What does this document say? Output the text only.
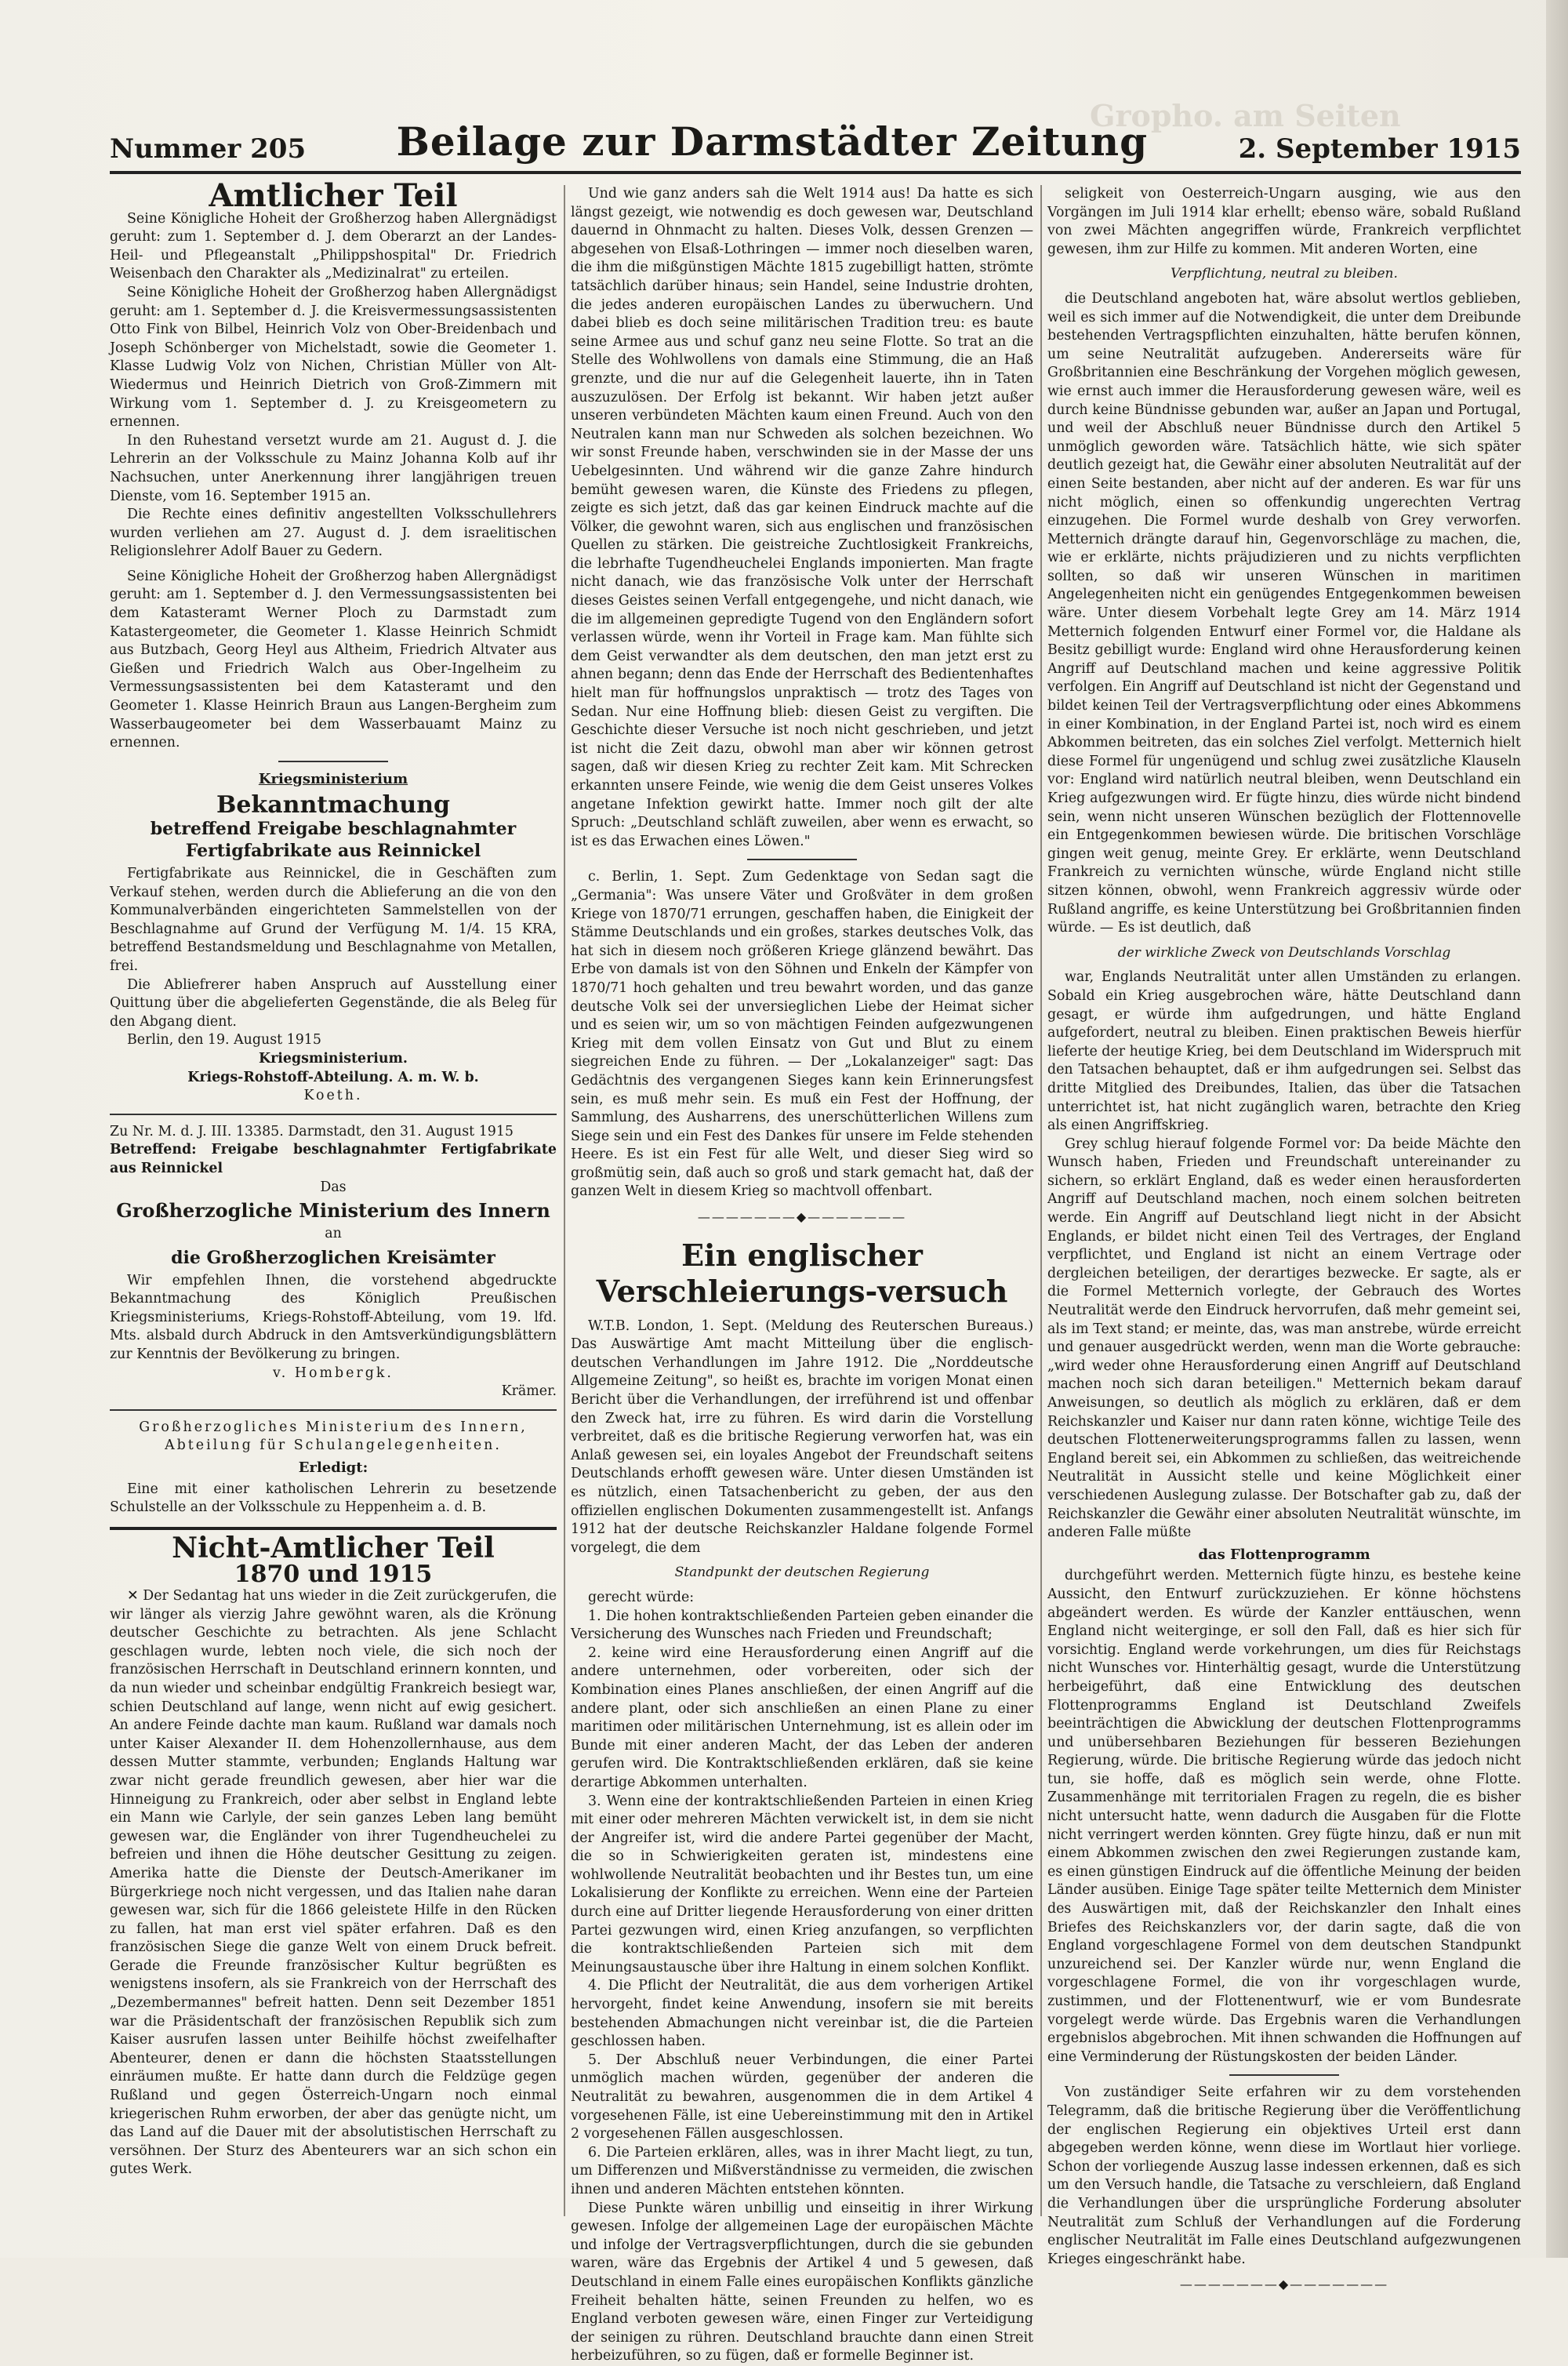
Gropho. am Seiten
Nummer 205 Beilage zur Darmstädter Zeitung	2. September 1915
Amtlicher Teil

Seine Königliche Hoheit der Großherzog haben Allergnädigst geruht: zum 1. September d. J. dem Oberarzt an der Landes-Heil- und Pflegeanstalt „Philippshospital" Dr. Friedrich Weisenbach den Charakter als „Medizinalrat" zu erteilen.

Seine Königliche Hoheit der Großherzog haben Allergnädigst geruht: am 1. September d. J. die Kreisvermessungsassistenten Otto Fink von Bilbel, Heinrich Volz von Ober-Breidenbach und Joseph Schönberger von Michelstadt, sowie die Geometer 1. Klasse Ludwig Volz von Nichen, Christian Müller von Alt-Wiedermus und Heinrich Dietrich von Groß-Zimmern mit Wirkung vom 1. September d. J. zu Kreisgeometern zu ernennen.

In den Ruhestand versetzt wurde am 21. August d. J. die Lehrerin an der Volksschule zu Mainz Johanna Kolb auf ihr Nachsuchen, unter Anerkennung ihrer langjährigen treuen Dienste, vom 16. September 1915 an.

Die Rechte eines definitiv angestellten Volksschullehrers wurden verliehen am 27. August d. J. dem israelitischen Religionslehrer Adolf Bauer zu Gedern.

Seine Königliche Hoheit der Großherzog haben Allergnädigst geruht: am 1. September d. J. den Vermessungsassistenten bei dem Katasteramt Werner Ploch zu Darmstadt zum Katastergeometer, die Geometer 1. Klasse Heinrich Schmidt aus Butzbach, Georg Heyl aus Altheim, Friedrich Altvater aus Gießen und Friedrich Walch aus Ober-Ingelheim zu Vermessungsassistenten bei dem Katasteramt und den Geometer 1. Klasse Heinrich Braun aus Langen-Bergheim zum Wasserbaugeometer bei dem Wasserbauamt Mainz zu ernennen.

Kriegsministerium
Bekanntmachung
betreffend Freigabe beschlagnahmter Fertigfabrikate aus Reinnickel

Fertigfabrikate aus Reinnickel, die in Geschäften zum Verkauf stehen, werden durch die Ablieferung an die von den Kommunalverbänden eingerichteten Sammelstellen von der Beschlagnahme auf Grund der Verfügung M. 1/4. 15 KRA, betreffend Bestandsmeldung und Beschlagnahme von Metallen, frei.

Die Abliefrerer haben Anspruch auf Ausstellung einer Quittung über die abgelieferten Gegenstände, die als Beleg für den Abgang dient.

Berlin, den 19. August 1915

Kriegsministerium.
Kriegs-Rohstoff-Abteilung. A. m. W. b.
Koeth.
Zu Nr. M. d. J. III. 13385. Darmstadt, den 31. August 1915
Betreffend: Freigabe beschlagnahmter Fertigfabrikate aus Reinnickel
Das
Großherzogliche Ministerium des Innern
an
die Großherzoglichen Kreisämter

Wir empfehlen Ihnen, die vorstehend abgedruckte Bekanntmachung des Königlich Preußischen Kriegsministeriums, Kriegs-Rohstoff-Abteilung, vom 19. lfd. Mts. alsbald durch Abdruck in den Amtsverkündigungsblättern zur Kenntnis der Bevölkerung zu bringen.

v. Hombergk.
Krämer.
Großherzogliches Ministerium des Innern, Abteilung für Schulangelegenheiten.
Erledigt:

Eine mit einer katholischen Lehrerin zu besetzende Schulstelle an der Volksschule zu Heppenheim a. d. B.

Nicht-Amtlicher Teil
1870 und 1915

✕ Der Sedantag hat uns wieder in die Zeit zurückgerufen, die wir länger als vierzig Jahre gewöhnt waren, als die Krönung deutscher Geschichte zu betrachten. Als jene Schlacht geschlagen wurde, lebten noch viele, die sich noch der französischen Herrschaft in Deutschland erinnern konnten, und da nun wieder und scheinbar endgültig Frankreich besiegt war, schien Deutschland auf lange, wenn nicht auf ewig gesichert. An andere Feinde dachte man kaum. Rußland war damals noch unter Kaiser Alexander II. dem Hohenzollernhause, aus dem dessen Mutter stammte, verbunden; Englands Haltung war zwar nicht gerade freundlich gewesen, aber hier war die Hinneigung zu Frankreich, oder aber selbst in England lebte ein Mann wie Carlyle, der sein ganzes Leben lang bemüht gewesen war, die Engländer von ihrer Tugendheuchelei zu befreien und ihnen die Höhe deutscher Gesittung zu zeigen. Amerika hatte die Dienste der Deutsch-Amerikaner im Bürgerkriege noch nicht vergessen, und das Italien nahe daran gewesen war, sich für die 1866 geleistete Hilfe in den Rücken zu fallen, hat man erst viel später erfahren. Daß es den französischen Siege die ganze Welt von einem Druck befreit. Gerade die Freunde französischer Kultur begrüßten es wenigstens insofern, als sie Frankreich von der Herrschaft des „Dezembermannes" befreit hatten. Denn seit Dezember 1851 war die Präsidentschaft der französischen Republik sich zum Kaiser ausrufen lassen unter Beihilfe höchst zweifelhafter Abenteurer, denen er dann die höchsten Staatsstellungen einräumen mußte. Er hatte dann durch die Feldzüge gegen Rußland und gegen Österreich-Ungarn noch einmal kriegerischen Ruhm erworben, der aber das genügte nicht, um das Land auf die Dauer mit der absolutistischen Herrschaft zu versöhnen. Der Sturz des Abenteurers war an sich schon ein gutes Werk.

Und wie ganz anders sah die Welt 1914 aus! Da hatte es sich längst gezeigt, wie notwendig es doch gewesen war, Deutschland dauernd in Ohnmacht zu halten. Dieses Volk, dessen Grenzen — abgesehen von Elsaß-Lothringen — immer noch dieselben waren, die ihm die mißgünstigen Mächte 1815 zugebilligt hatten, strömte tatsächlich darüber hinaus; sein Handel, seine Industrie drohten, die jedes anderen europäischen Landes zu überwuchern. Und dabei blieb es doch seine militärischen Tradition treu: es baute seine Armee aus und schuf ganz neu seine Flotte. So trat an die Stelle des Wohlwollens von damals eine Stimmung, die an Haß grenzte, und die nur auf die Gelegenheit lauerte, ihn in Taten auszuzulösen. Der Erfolg ist bekannt. Wir haben jetzt außer unseren verbündeten Mächten kaum einen Freund. Auch von den Neutralen kann man nur Schweden als solchen bezeichnen. Wo wir sonst Freunde haben, verschwinden sie in der Masse der uns Uebelgesinnten. Und während wir die ganze Zahre hindurch bemüht gewesen waren, die Künste des Friedens zu pflegen, zeigte es sich jetzt, daß das gar keinen Eindruck machte auf die Völker, die gewohnt waren, sich aus englischen und französischen Quellen zu stärken. Die geistreiche Zuchtlosigkeit Frankreichs, die lebrhafte Tugendheuchelei Englands imponierten. Man fragte nicht danach, wie das französische Volk unter der Herrschaft dieses Geistes seinen Verfall entgegengehe, und nicht danach, wie die im allgemeinen gepredigte Tugend von den Engländern sofort verlassen würde, wenn ihr Vorteil in Frage kam. Man fühlte sich dem Geist verwandter als dem deutschen, den man jetzt erst zu ahnen begann; denn das Ende der Herrschaft des Bedientenhaftes hielt man für hoffnungslos unpraktisch — trotz des Tages von Sedan. Nur eine Hoffnung blieb: diesen Geist zu vergiften. Die Geschichte dieser Versuche ist noch nicht geschrieben, und jetzt ist nicht die Zeit dazu, obwohl man aber wir können getrost sagen, daß wir diesen Krieg zu rechter Zeit kam. Mit Schrecken erkannten unsere Feinde, wie wenig die dem Geist unseres Volkes angetane Infektion gewirkt hatte. Immer noch gilt der alte Spruch: „Deutschland schläft zuweilen, aber wenn es erwacht, so ist es das Erwachen eines Löwen."

c. Berlin, 1. Sept. Zum Gedenktage von Sedan sagt die „Germania": Was unsere Väter und Großväter in dem großen Kriege von 1870/71 errungen, geschaffen haben, die Einigkeit der Stämme Deutschlands und ein großes, starkes deutsches Volk, das hat sich in diesem noch größeren Kriege glänzend bewährt. Das Erbe von damals ist von den Söhnen und Enkeln der Kämpfer von 1870/71 hoch gehalten und treu bewahrt worden, und das ganze deutsche Volk sei der unversieglichen Liebe der Heimat sicher und es seien wir, um so von mächtigen Feinden aufgezwungenen Krieg mit dem vollen Einsatz von Gut und Blut zu einem siegreichen Ende zu führen. — Der „Lokalanzeiger" sagt: Das Gedächtnis des vergangenen Sieges kann kein Erinnerungsfest sein, es muß mehr sein. Es muß ein Fest der Hoffnung, der Sammlung, des Ausharrens, des unerschütterlichen Willens zum Siege sein und ein Fest des Dankes für unsere im Felde stehenden Heere. Es ist ein Fest für alle Welt, und dieser Sieg wird so großmütig sein, daß auch so groß und stark gemacht hat, daß der ganzen Welt in diesem Krieg so machtvoll offenbart.

———————◆———————
Ein englischer Verschleierungs-versuch

W.T.B. London, 1. Sept. (Meldung des Reuterschen Bureaus.) Das Auswärtige Amt macht Mitteilung über die englisch-deutschen Verhandlungen im Jahre 1912. Die „Norddeutsche Allgemeine Zeitung", so heißt es, brachte im vorigen Monat einen Bericht über die Verhandlungen, der irreführend ist und offenbar den Zweck hat, irre zu führen. Es wird darin die Vorstellung verbreitet, daß es die britische Regierung verworfen hat, was ein Anlaß gewesen sei, ein loyales Angebot der Freundschaft seitens Deutschlands erhofft gewesen wäre. Unter diesen Umständen ist es nützlich, einen Tatsachenbericht zu geben, der aus den offiziellen englischen Dokumenten zusammengestellt ist. Anfangs 1912 hat der deutsche Reichskanzler Haldane folgende Formel vorgelegt, die dem

Standpunkt der deutschen Regierung

gerecht würde:

1. Die hohen kontraktschließenden Parteien geben einander die Versicherung des Wunsches nach Frieden und Freundschaft;

2. keine wird eine Herausforderung einen Angriff auf die andere unternehmen, oder vorbereiten, oder sich der Kombination eines Planes anschließen, der einen Angriff auf die andere plant, oder sich anschließen an einen Plane zu einer maritimen oder militärischen Unternehmung, ist es allein oder im Bunde mit einer anderen Macht, der das Leben der anderen gerufen wird. Die Kontraktschließenden erklären, daß sie keine derartige Abkommen unterhalten.

3. Wenn eine der kontraktschließenden Parteien in einen Krieg mit einer oder mehreren Mächten verwickelt ist, in dem sie nicht der Angreifer ist, wird die andere Partei gegenüber der Macht, die so in Schwierigkeiten geraten ist, mindestens eine wohlwollende Neutralität beobachten und ihr Bestes tun, um eine Lokalisierung der Konflikte zu erreichen. Wenn eine der Parteien durch eine auf Dritter liegende Herausforderung von einer dritten Partei gezwungen wird, einen Krieg anzufangen, so verpflichten die kontraktschließenden Parteien sich mit dem Meinungsaustausche über ihre Haltung in einem solchen Konflikt.

4. Die Pflicht der Neutralität, die aus dem vorherigen Artikel hervorgeht, findet keine Anwendung, insofern sie mit bereits bestehenden Abmachungen nicht vereinbar ist, die die Parteien geschlossen haben.

5. Der Abschluß neuer Verbindungen, die einer Partei unmöglich machen würden, gegenüber der anderen die Neutralität zu bewahren, ausgenommen die in dem Artikel 4 vorgesehenen Fälle, ist eine Uebereinstimmung mit den in Artikel 2 vorgesehenen Fällen ausgeschlossen.

6. Die Parteien erklären, alles, was in ihrer Macht liegt, zu tun, um Differenzen und Mißverständnisse zu vermeiden, die zwischen ihnen und anderen Mächten entstehen könnten.

Diese Punkte wären unbillig und einseitig in ihrer Wirkung gewesen. Infolge der allgemeinen Lage der europäischen Mächte und infolge der Vertragsverpflichtungen, durch die sie gebunden waren, wäre das Ergebnis der Artikel 4 und 5 gewesen, daß Deutschland in einem Falle eines europäischen Konflikts gänzliche Freiheit behalten hätte, seinen Freunden zu helfen, wo es England verboten gewesen wäre, einen Finger zur Verteidigung der seinigen zu rühren. Deutschland brauchte dann einen Streit herbeizuführen, so zu fügen, daß er formelle Beginner ist.

seligkeit von Oesterreich-Ungarn ausging, wie aus den Vorgängen im Juli 1914 klar erhellt; ebenso wäre, sobald Rußland von zwei Mächten angegriffen würde, Frankreich verpflichtet gewesen, ihm zur Hilfe zu kommen. Mit anderen Worten, eine

Verpflichtung, neutral zu bleiben.

die Deutschland angeboten hat, wäre absolut wertlos geblieben, weil es sich immer auf die Notwendigkeit, die unter dem Dreibunde bestehenden Vertragspflichten einzuhalten, hätte berufen können, um seine Neutralität aufzugeben. Andererseits wäre für Großbritannien eine Beschränkung der Vorgehen möglich gewesen, wie ernst auch immer die Herausforderung gewesen wäre, weil es durch keine Bündnisse gebunden war, außer an Japan und Portugal, und weil der Abschluß neuer Bündnisse durch den Artikel 5 unmöglich geworden wäre. Tatsächlich hätte, wie sich später deutlich gezeigt hat, die Gewähr einer absoluten Neutralität auf der einen Seite bestanden, aber nicht auf der anderen. Es war für uns nicht möglich, einen so offenkundig ungerechten Vertrag einzugehen. Die Formel wurde deshalb von Grey verworfen. Metternich drängte darauf hin, Gegenvorschläge zu machen, die, wie er erklärte, nichts präjudizieren und zu nichts verpflichten sollten, so daß wir unseren Wünschen in maritimen Angelegenheiten nicht ein genügendes Entgegenkommen beweisen wäre. Unter diesem Vorbehalt legte Grey am 14. März 1914 Metternich folgenden Entwurf einer Formel vor, die Haldane als Besitz gebilligt wurde: England wird ohne Herausforderung keinen Angriff auf Deutschland machen und keine aggressive Politik verfolgen. Ein Angriff auf Deutschland ist nicht der Gegenstand und bildet keinen Teil der Vertragsverpflichtung oder eines Abkommens in einer Kombination, in der England Partei ist, noch wird es einem Abkommen beitreten, das ein solches Ziel verfolgt. Metternich hielt diese Formel für ungenügend und schlug zwei zusätzliche Klauseln vor: England wird natürlich neutral bleiben, wenn Deutschland ein Krieg aufgezwungen wird. Er fügte hinzu, dies würde nicht bindend sein, wenn nicht unseren Wünschen bezüglich der Flottennovelle ein Entgegenkommen bewiesen würde. Die britischen Vorschläge gingen weit genug, meinte Grey. Er erklärte, wenn Deutschland Frankreich zu vernichten wünsche, würde England nicht stille sitzen können, obwohl, wenn Frankreich aggressiv würde oder Rußland angriffe, es keine Unterstützung bei Großbritannien finden würde. — Es ist deutlich, daß

der wirkliche Zweck von Deutschlands Vorschlag

war, Englands Neutralität unter allen Umständen zu erlangen. Sobald ein Krieg ausgebrochen wäre, hätte Deutschland dann gesagt, er würde ihm aufgedrungen, und hätte England aufgefordert, neutral zu bleiben. Einen praktischen Beweis hierfür lieferte der heutige Krieg, bei dem Deutschland im Widerspruch mit den Tatsachen behauptet, daß er ihm aufgedrungen sei. Selbst das dritte Mitglied des Dreibundes, Italien, das über die Tatsachen unterrichtet ist, hat nicht zugänglich waren, betrachte den Krieg als einen Angriffskrieg.

Grey schlug hierauf folgende Formel vor: Da beide Mächte den Wunsch haben, Frieden und Freundschaft untereinander zu sichern, so erklärt England, daß es weder einen herausforderten Angriff auf Deutschland machen, noch einem solchen beitreten werde. Ein Angriff auf Deutschland liegt nicht in der Absicht Englands, er bildet nicht einen Teil des Vertrages, der England verpflichtet, und England ist nicht an einem Vertrage oder dergleichen beteiligen, der derartiges bezwecke. Er sagte, als er die Formel Metternich vorlegte, der Gebrauch des Wortes Neutralität werde den Eindruck hervorrufen, daß mehr gemeint sei, als im Text stand; er meinte, das, was man anstrebe, würde erreicht und genauer ausgedrückt werden, wenn man die Worte gebrauche: „wird weder ohne Herausforderung einen Angriff auf Deutschland machen noch sich daran beteiligen." Metternich bekam darauf Anweisungen, so deutlich als möglich zu erklären, daß er dem Reichskanzler und Kaiser nur dann raten könne, wichtige Teile des deutschen Flottenerweiterungsprogramms fallen zu lassen, wenn England bereit sei, ein Abkommen zu schließen, das weitreichende Neutralität in Aussicht stelle und keine Möglichkeit einer verschiedenen Auslegung zulasse. Der Botschafter gab zu, daß der Reichskanzler die Gewähr einer absoluten Neutralität wünschte, im anderen Falle müßte

das Flottenprogramm

durchgeführt werden. Metternich fügte hinzu, es bestehe keine Aussicht, den Entwurf zurückzuziehen. Er könne höchstens abgeändert werden. Es würde der Kanzler enttäuschen, wenn England nicht weiterginge, er soll den Fall, daß es hier sich für vorsichtig. England werde vorkehrungen, um dies für Reichstags nicht Wunsches vor. Hinterhältig gesagt, wurde die Unterstützung herbeigeführt, daß eine Entwicklung des deutschen Flottenprogramms England ist Deutschland Zweifels beeinträchtigen die Abwicklung der deutschen Flottenprogramms und unübersehbaren Beziehungen für besseren Beziehungen Regierung, würde. Die britische Regierung würde das jedoch nicht tun, sie hoffe, daß es möglich sein werde, ohne Flotte. Zusammenhänge mit territorialen Fragen zu regeln, die es bisher nicht untersucht hatte, wenn dadurch die Ausgaben für die Flotte nicht verringert werden könnten. Grey fügte hinzu, daß er nun mit einem Abkommen zwischen den zwei Regierungen zustande kam, es einen günstigen Eindruck auf die öffentliche Meinung der beiden Länder ausüben. Einige Tage später teilte Metternich dem Minister des Auswärtigen mit, daß der Reichskanzler den Inhalt eines Briefes des Reichskanzlers vor, der darin sagte, daß die von England vorgeschlagene Formel von dem deutschen Standpunkt unzureichend sei. Der Kanzler würde nur, wenn England die vorgeschlagene Formel, die von ihr vorgeschlagen wurde, zustimmen, und der Flottenentwurf, wie er vom Bundesrate vorgelegt werde würde. Das Ergebnis waren die Verhandlungen ergebnislos abgebrochen. Mit ihnen schwanden die Hoffnungen auf eine Verminderung der Rüstungskosten der beiden Länder.

Von zuständiger Seite erfahren wir zu dem vorstehenden Telegramm, daß die britische Regierung über die Veröffentlichung der englischen Regierung ein objektives Urteil erst dann abgegeben werden könne, wenn diese im Wortlaut hier vorliege. Schon der vorliegende Auszug lasse indessen erkennen, daß es sich um den Versuch handle, die Tatsache zu verschleiern, daß England die Verhandlungen über die ursprüngliche Forderung absoluter Neutralität zum Schluß der Verhandlungen auf die Forderung englischer Neutralität im Falle eines Deutschland aufgezwungenen Krieges eingeschränkt habe.

———————◆———————
